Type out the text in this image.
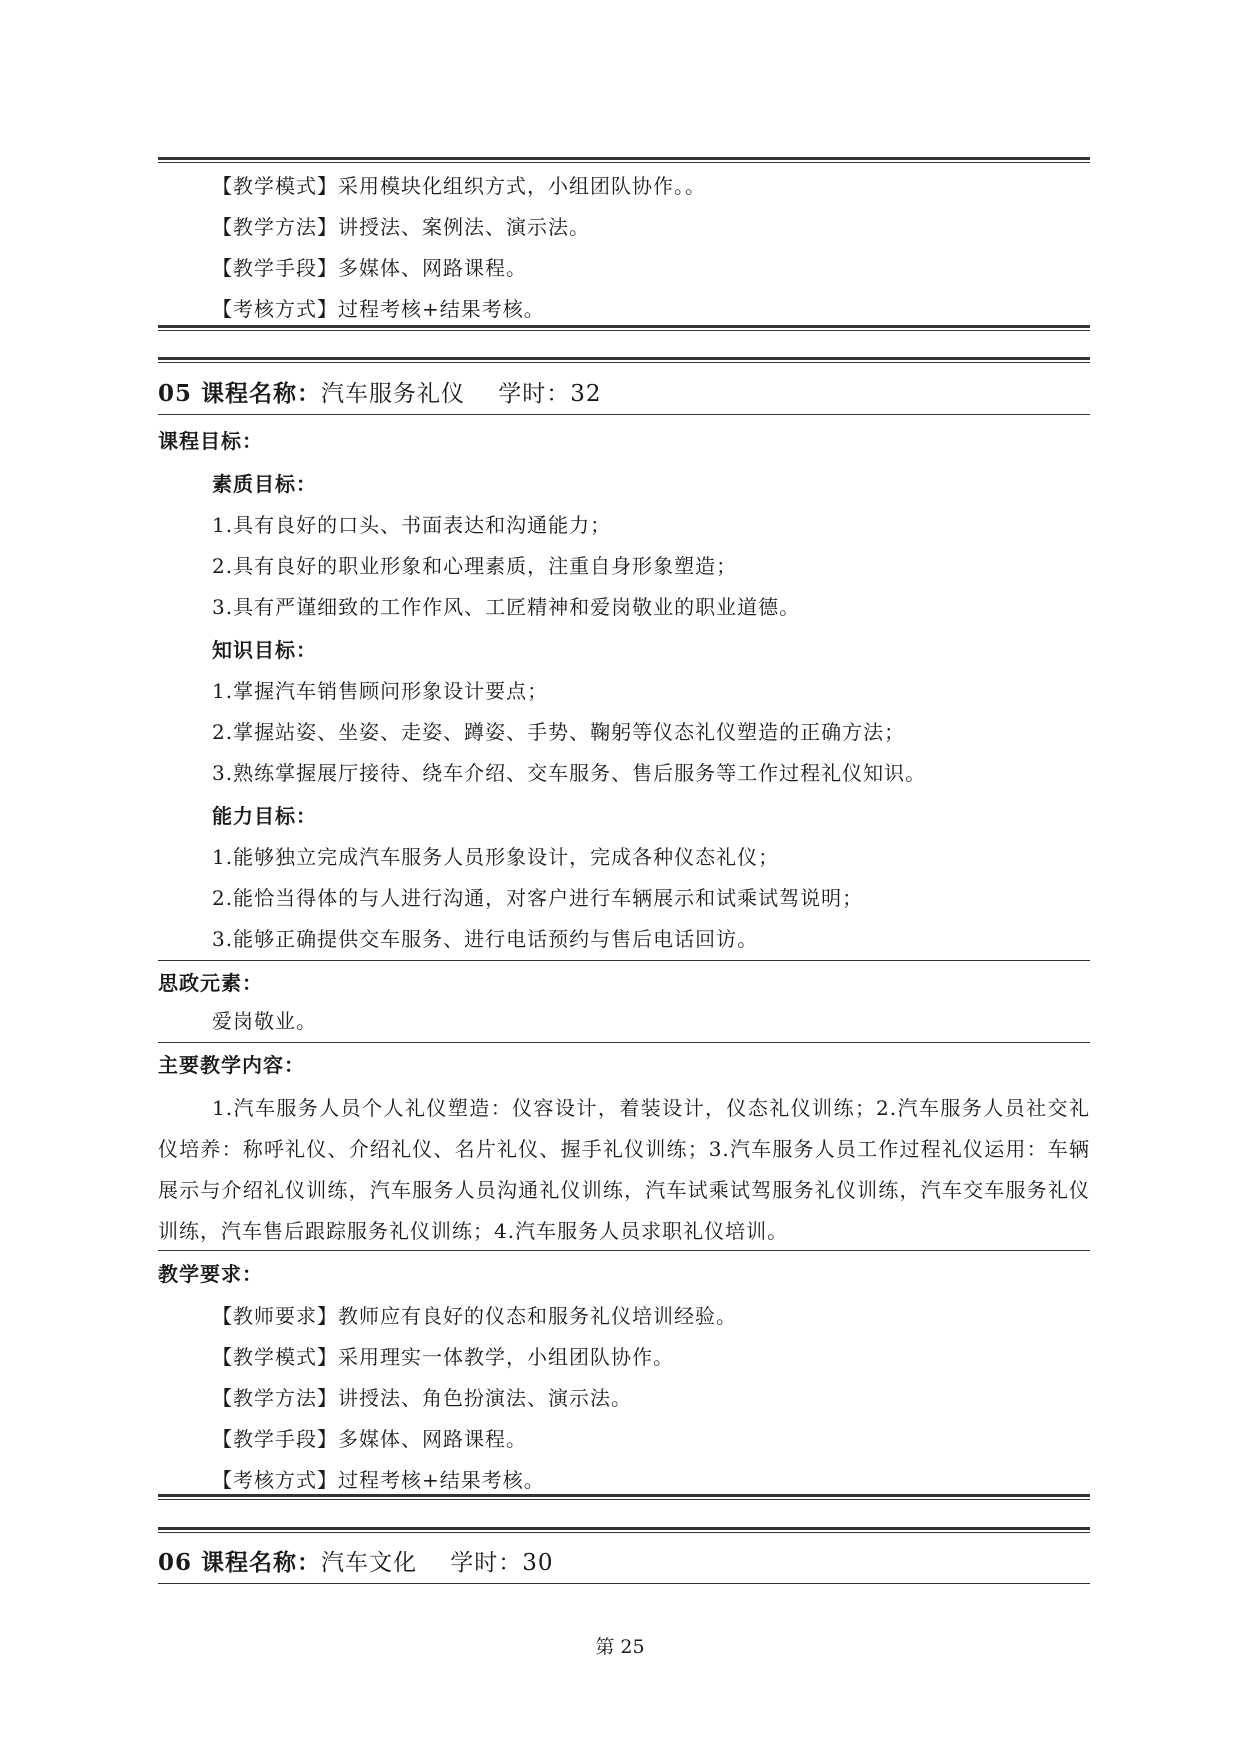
【教学模式】采用模块化组织方式，小组团队协作。。
【教学方法】讲授法、案例法、演示法。
【教学手段】多媒体、网路课程。
【考核方式】过程考核+结果考核。
05 课程名称：汽车服务礼仪 学时：32
课程目标：
素质目标：
1.具有良好的口头、书面表达和沟通能力；
2.具有良好的职业形象和心理素质，注重自身形象塑造；
3.具有严谨细致的工作作风、工匠精神和爱岗敬业的职业道德。
知识目标：
1.掌握汽车销售顾问形象设计要点；
2.掌握站姿、坐姿、走姿、蹲姿、手势、鞠躬等仪态礼仪塑造的正确方法；
3.熟练掌握展厅接待、绕车介绍、交车服务、售后服务等工作过程礼仪知识。
能力目标：
1.能够独立完成汽车服务人员形象设计，完成各种仪态礼仪；
2.能恰当得体的与人进行沟通，对客户进行车辆展示和试乘试驾说明；
3.能够正确提供交车服务、进行电话预约与售后电话回访。
思政元素：
爱岗敬业。
主要教学内容：
1.汽车服务人员个人礼仪塑造：仪容设计，着装设计，仪态礼仪训练；2.汽车服务人员社交礼仪培养：称呼礼仪、介绍礼仪、名片礼仪、握手礼仪训练；3.汽车服务人员工作过程礼仪运用：车辆展示与介绍礼仪训练，汽车服务人员沟通礼仪训练，汽车试乘试驾服务礼仪训练，汽车交车服务礼仪训练，汽车售后跟踪服务礼仪训练；4.汽车服务人员求职礼仪培训。
教学要求：
【教师要求】教师应有良好的仪态和服务礼仪培训经验。
【教学模式】采用理实一体教学，小组团队协作。
【教学方法】讲授法、角色扮演法、演示法。
【教学手段】多媒体、网路课程。
【考核方式】过程考核+结果考核。
06 课程名称：汽车文化 学时：30
第 25
